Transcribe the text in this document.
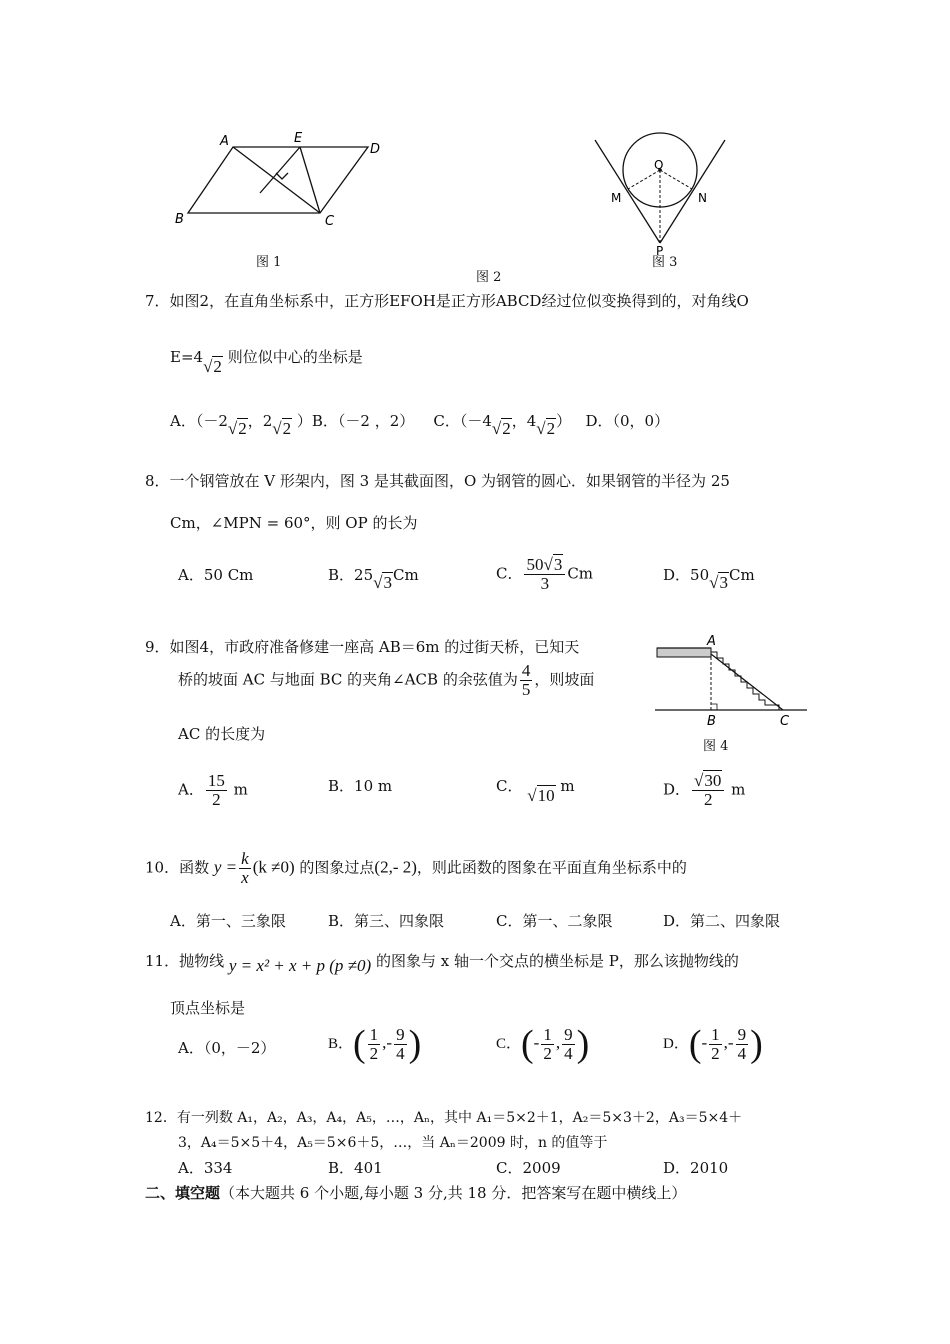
A	E
D
B	C
图 1
图 2
O
M	N
P
图 3
7．如图2，在直角坐标系中，正方形EFOH是正方形ABCD经过位似变换得到的，对角线O
E=4√2 则位似中心的坐标是
A．（－2√2，2√2 ）B．（－2 ，2） C．（－4√2，4√2） D．（0，0）
8．一个钢管放在 V 形架内，图 3 是其截面图，O 为钢管的圆心．如果钢管的半径为 25
Cm，∠MPN = 60°，则 OP 的长为
A．50 Cm	B．25√3Cm	C． $\frac{50√3}{3}$ Cm	D．50√3Cm
A
B	C
图 4
9．如图4，市政府准备修建一座高 AB＝6m 的过街天桥，已知天
桥的坡面 AC 与地面 BC 的夹角∠ACB 的余弦值为 $\frac{4}{5}$ ，则坡面
AC 的长度为
A． $\frac{15}{2}$ m	B．10 m	C． √10 m	D． $\frac{√30}{2}$ m
10．函数 $y = \frac{k}{x} (k \ne 0)$ 的图象过点(2,- 2)，则此函数的图象在平面直角坐标系中的
A．第一、三象限	B．第三、四象限	C．第一、二象限	D．第二、四象限
11．抛物线 y = x² + x + p (p ≠0) 的图象与 x 轴一个交点的横坐标是 P，那么该抛物线的
顶点坐标是
A．（0，－2）	B．( $\frac{1}{2}$ ,- $\frac{9}{4}$ )	C．(- $\frac{1}{2}$ , $\frac{9}{4}$ )	D．(- $\frac{1}{2}$ ,- $\frac{9}{4}$ )
12．有一列数 A₁，A₂，A₃，A₄，A₅，…，Aₙ，其中 A₁＝5×2＋1，A₂＝5×3＋2，A₃＝5×4＋
3，A₄＝5×5＋4，A₅＝5×6＋5，…，当 Aₙ＝2009 时，n 的值等于
A．334	B．401	C．2009	D．2010
二、填空题（本大题共 6 个小题,每小题 3 分,共 18 分．把答案写在题中横线上）
